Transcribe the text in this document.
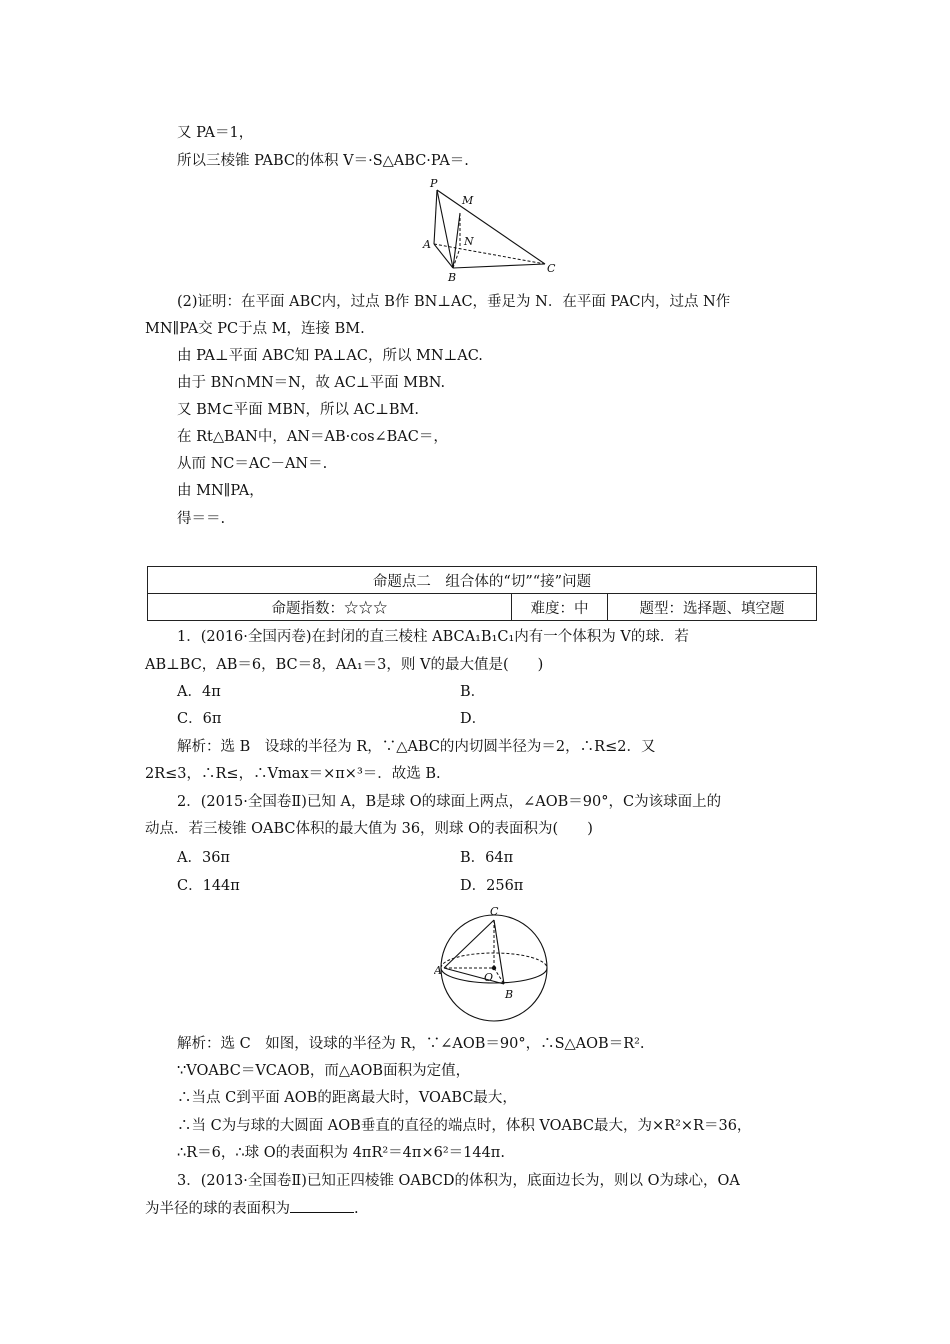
又 PA＝1，
所以三棱锥 PABC的体积 V＝·S△ABC·PA＝.
P
M
A	N
B
C
(2)证明：在平面 ABC内，过点 B作 BN⊥AC，垂足为 N．在平面 PAC内，过点 N作
MN∥PA交 PC于点 M，连接 BM.
由 PA⊥平面 ABC知 PA⊥AC，所以 MN⊥AC.
由于 BN∩MN＝N，故 AC⊥平面 MBN.
又 BM⊂平面 MBN，所以 AC⊥BM.
在 Rt△BAN中，AN＝AB·cos∠BAC＝，
从而 NC＝AC－AN＝.
由 MN∥PA，
得＝＝.
命题点二　组合体的“切”“接”问题
命题指数：☆☆☆	难度：中	题型：选择题、填空题
1．(2016·全国丙卷)在封闭的直三棱柱 ABCA₁B₁C₁内有一个体积为 V的球．若
AB⊥BC，AB＝6，BC＝8，AA₁＝3，则 V的最大值是(　　)
A．4π	B．
C．6π	D．
解析：选 B　设球的半径为 R，∵△ABC的内切圆半径为＝2，∴R≤2．又
2R≤3，∴R≤，∴Vmax＝×π×³＝．故选 B.
2．(2015·全国卷Ⅱ)已知 A，B是球 O的球面上两点，∠AOB＝90°，C为该球面上的
动点．若三棱锥 OABC体积的最大值为 36，则球 O的表面积为(　　)
A．36π	B．64π
C．144π	D．256π
C
A
O
B
解析：选 C　如图，设球的半径为 R，∵∠AOB＝90°，∴S△AOB＝R².
∵VOABC＝VCAOB，而△AOB面积为定值，
∴当点 C到平面 AOB的距离最大时，VOABC最大，
∴当 C为与球的大圆面 AOB垂直的直径的端点时，体积 VOABC最大，为×R²×R＝36，
∴R＝6，∴球 O的表面积为 4πR²＝4π×6²＝144π.
3．(2013·全国卷Ⅱ)已知正四棱锥 OABCD的体积为，底面边长为，则以 O为球心，OA
为半径的球的表面积为	.
